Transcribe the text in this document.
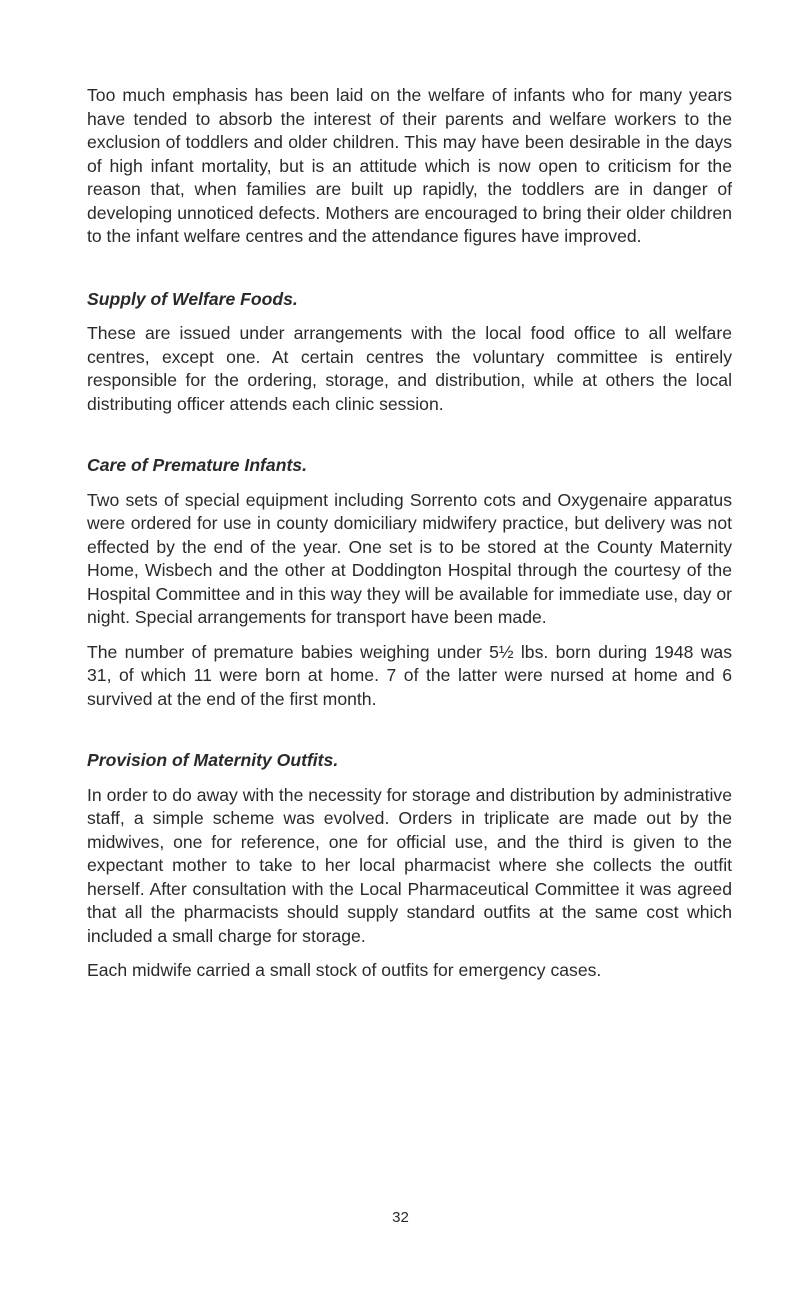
Too much emphasis has been laid on the welfare of infants who for many years have tended to absorb the interest of their parents and welfare workers to the exclusion of toddlers and older children. This may have been desirable in the days of high infant mortality, but is an attitude which is now open to criticism for the reason that, when families are built up rapidly, the toddlers are in danger of developing unnoticed defects. Mothers are encouraged to bring their older children to the infant welfare centres and the attendance figures have improved.

Supply of Welfare Foods.

These are issued under arrangements with the local food office to all welfare centres, except one. At certain centres the voluntary committee is entirely responsible for the ordering, storage, and distribution, while at others the local distributing officer attends each clinic session.

Care of Premature Infants.

Two sets of special equipment including Sorrento cots and Oxygenaire apparatus were ordered for use in county domiciliary midwifery practice, but delivery was not effected by the end of the year. One set is to be stored at the County Maternity Home, Wisbech and the other at Doddington Hospital through the courtesy of the Hospital Committee and in this way they will be available for immediate use, day or night. Special arrangements for transport have been made.

The number of premature babies weighing under 5½ lbs. born during 1948 was 31, of which 11 were born at home. 7 of the latter were nursed at home and 6 survived at the end of the first month.

Provision of Maternity Outfits.

In order to do away with the necessity for storage and distribution by administrative staff, a simple scheme was evolved. Orders in triplicate are made out by the midwives, one for reference, one for official use, and the third is given to the expectant mother to take to her local pharmacist where she collects the outfit herself. After consultation with the Local Pharmaceutical Committee it was agreed that all the pharmacists should supply standard outfits at the same cost which included a small charge for storage.

Each midwife carried a small stock of outfits for emergency cases.

32
